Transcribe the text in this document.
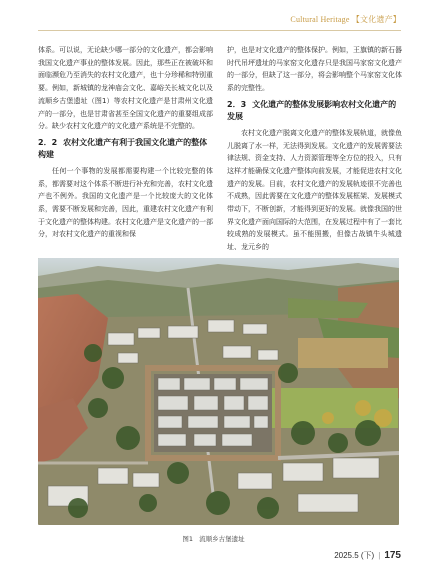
Cultural Heritage 【文化遗产】

体系。可以说，无论缺少哪一部分的文化遗产，都会影响我国文化遗产事业的整体发展。因此，那些正在被破坏和面临濒危乃至消失的农村文化遗产，也十分珍稀和特别重要。例如，新城镇的龙神庙会文化、嘉峪关长城文化以及流顺乡古堡遗址（图1）等农村文化遗产是甘肃州文化遗产的一部分，也是甘肃省甚至全国文化遗产的重要组成部分。缺少农村文化遗产的文化遗产系统是不完整的。

2．2 农村文化遗产有利于我国文化遗产的整体构建

任何一个事物的发展都需要构建一个比较完整的体系，都需要对这个体系不断进行补充和完善，农村文化遗产也不例外。我国的文化遗产是一个比较庞大的文化体系，需要不断发展和完善，因此，重建农村文化遗产有利于文化遗产的整体构建。农村文化遗产是文化遗产的一部分，对农村文化遗产的重视和保

护，也是对文化遗产的整体保护。例如，王旗镇的新石器时代吊坪遗址的马家窑文化遗存只是我国马家窑文化遗产的一部分，但缺了这一部分，将会影响整个马家窑文化体系的完整性。

2．3 文化遗产的整体发展影响农村文化遗产的发展

农村文化遗产脱离文化遗产的整体发展轨道，就像鱼儿脱离了水一样，无法得到发展。文化遗产的发展需要法律法规、资金支持、人力资源管理等全方位的投入，只有这样才能确保文化遗产整体向前发展，才能促进农村文化遗产的发展。目前，农村文化遗产的发展轨迹很不完善也不成熟，因此需要在文化遗产的整体发展框架、发展模式带动下，不断创新，才能得到更好的发展。就像我国的世界文化遗产面向国际的大范围，在发展过程中有了一套比较成熟的发展模式。虽不能照搬，但像古战镇牛头城遗址、龙元乡的

图1 流顺乡古堡遗址
2025.5 (下) | 175
